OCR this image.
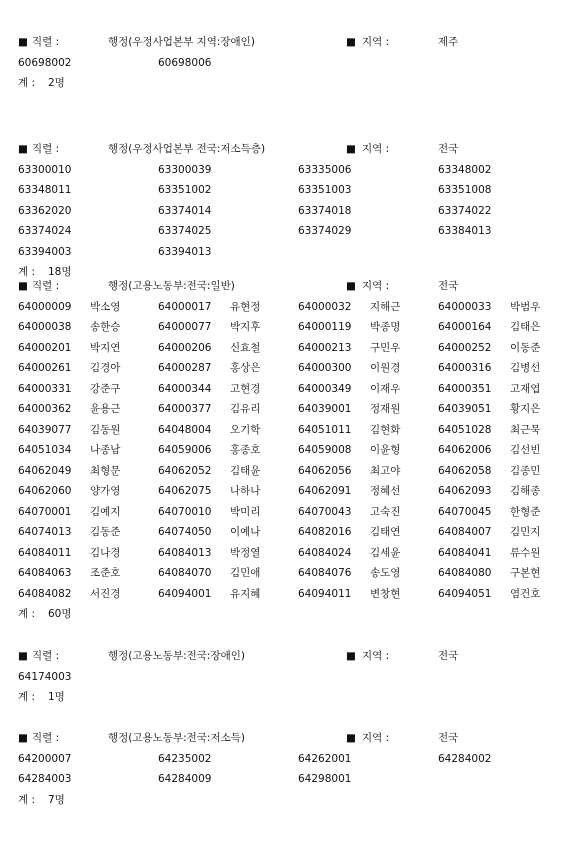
■ 직렬 :	행정(우정사업본부 지역:장애인)	■ 지역 :	제주
60698002	60698006
계 : 2명
■ 직렬 :	행정(우정사업본부 전국:저소득층)	■ 지역 :	전국
63300010	63300039	63335006	63348002
63348011	63351002	63351003	63351008
63362020	63374014	63374018	63374022
63374024	63374025	63374029	63384013
63394003	63394013
계 : 18명
■ 직렬 :	행정(고용노동부:전국:일반)	■ 지역 :	전국
64000009 박소영	64000017 유현정	64000032 지해근	64000033 박범우
64000038 송한승	64000077 박지후	64000119 박종명	64000164 김태은
64000201 박지연	64000206 신효철	64000213 구민우	64000252 이동준
64000261 김경아	64000287 홍상은	64000300 이원경	64000316 김병선
64000331 강준구	64000344 고현경	64000349 이재우	64000351 고재엽
64000362 윤용근	64000377 김유리	64039001 정재원	64039051 황지은
64039077 김동원	64048004 오기학	64051011 김현화	64051028 최근묵
64051034 나종남	64059006 홍종호	64059008 이윤형	64062006 김선빈
64062049 최형문	64062052 김태윤	64062056 최고야	64062058 김종민
64062060 양가영	64062075 나하나	64062091 정혜선	64062093 김해종
64070001 김예지	64070010 박미리	64070043 고숙진	64070045 한형준
64074013 김동준	64074050 이예나	64082016 김태연	64084007 김민지
64084011 김나경	64084013 박정열	64084024 김세윤	64084041 류수원
64084063 조준호	64084070 김민애	64084076 송도영	64084080 구본현
64084082 서진경	64094001 유지혜	64094011 변창현	64094051 염건호
계 : 60명
■ 직렬 :	행정(고용노동부:전국:장애인)	■ 지역 :	전국
64174003
계 : 1명
■ 직렬 :	행정(고용노동부:전국:저소득)	■ 지역 :	전국
64200007	64235002	64262001	64284002
64284003	64284009	64298001
계 : 7명
